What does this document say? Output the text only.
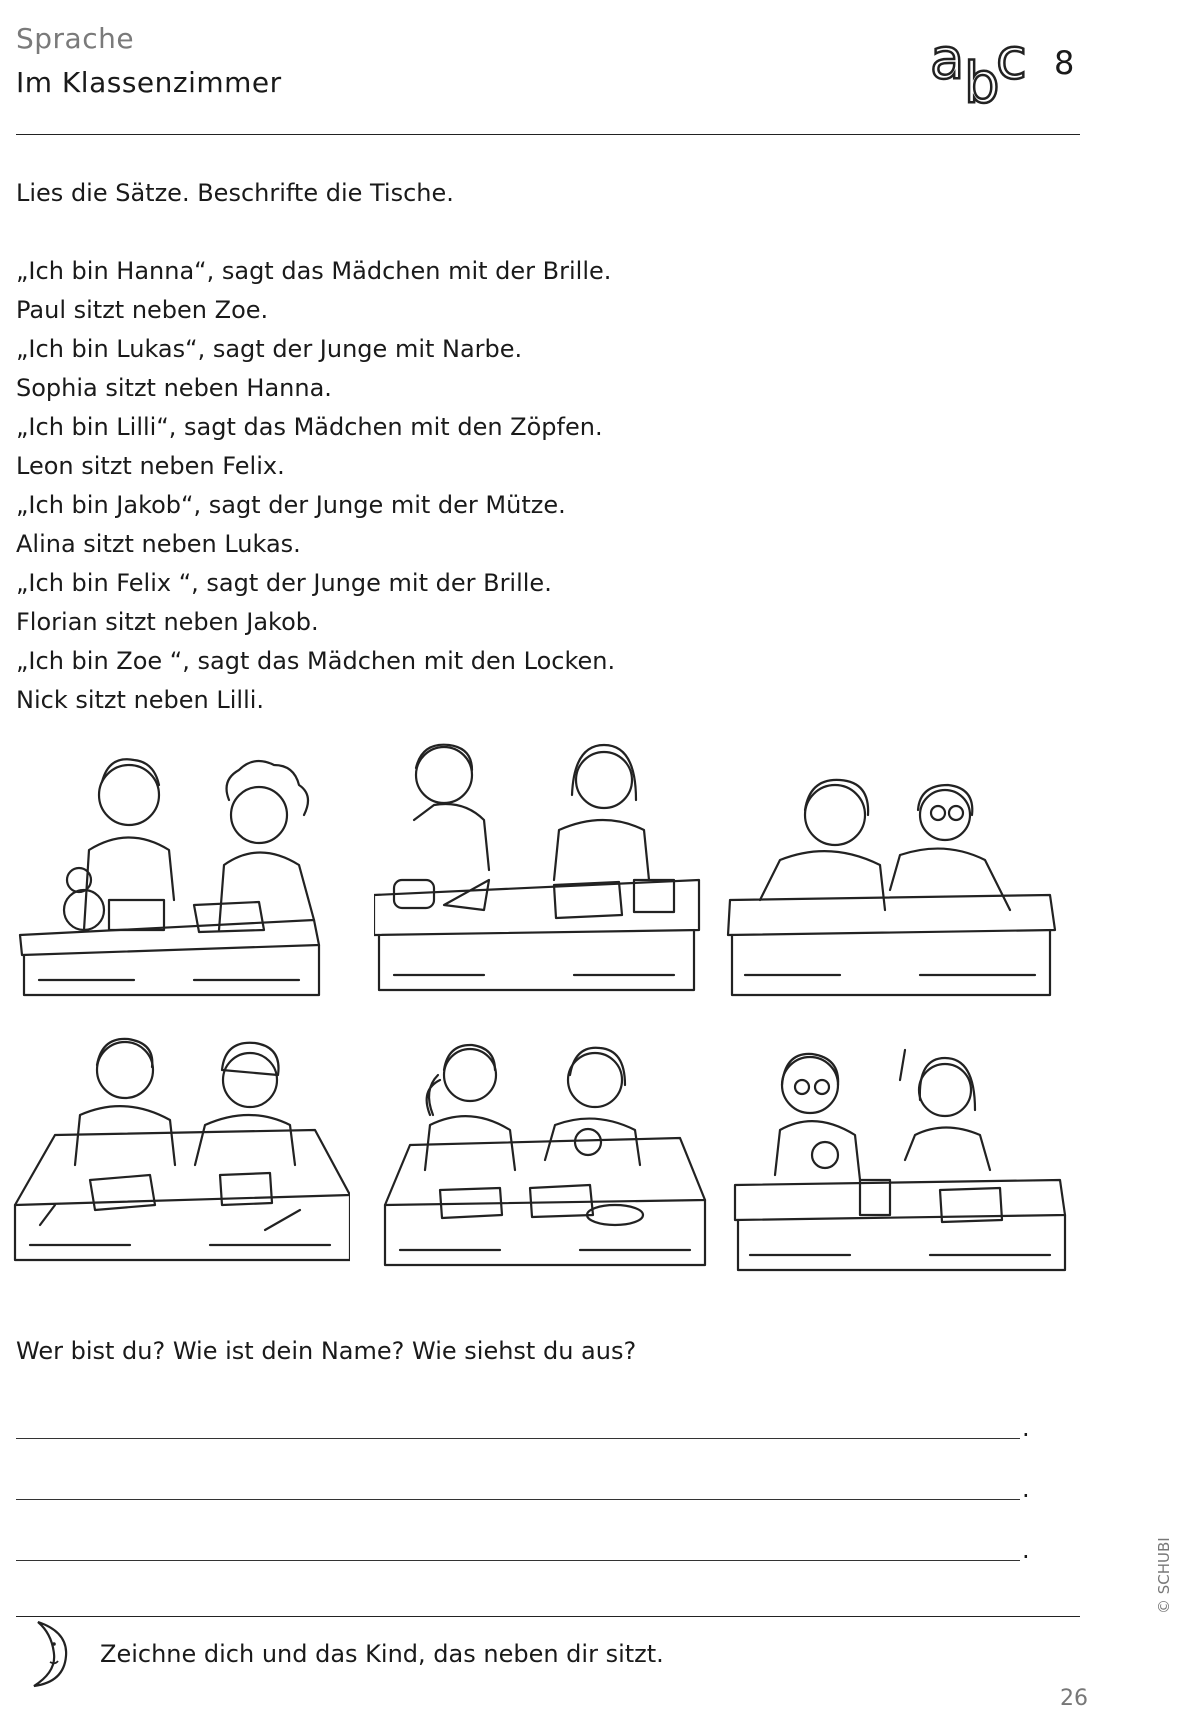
Sprache
Im Klassenzimmer	a b
c 8
Lies die Sätze. Beschrifte die Tische.
„Ich bin Hanna“, sagt das Mädchen mit der Brille.
Paul sitzt neben Zoe.
„Ich bin Lukas“, sagt der Junge mit Narbe.
Sophia sitzt neben Hanna.
„Ich bin Lilli“, sagt das Mädchen mit den Zöpfen.
Leon sitzt neben Felix.
„Ich bin Jakob“, sagt der Junge mit der Mütze.
Alina sitzt neben Lukas.
„Ich bin Felix “, sagt der Junge mit der Brille.
Florian sitzt neben Jakob.
„Ich bin Zoe “, sagt das Mädchen mit den Locken.
Nick sitzt neben Lilli.
Wer bist du? Wie ist dein Name? Wie siehst du aus?
.
.
.
Zeichne dich und das Kind, das neben dir sitzt.
© SCHUBI
26
